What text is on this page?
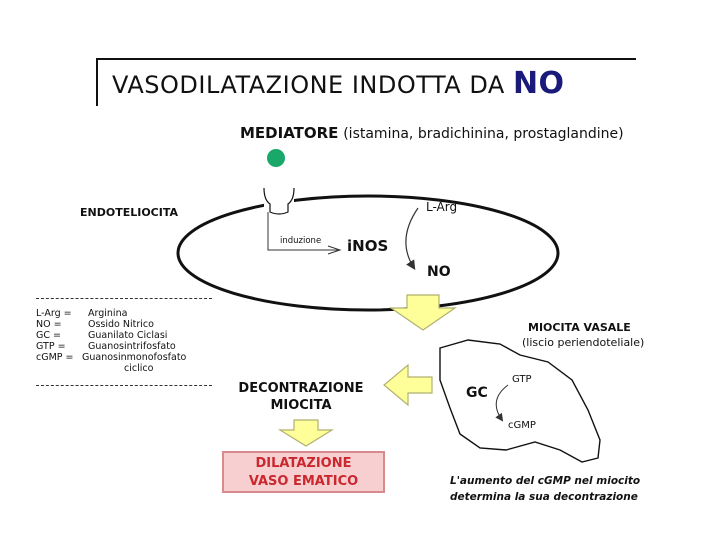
VASODILATAZIONE INDOTTA DA NO
MEDIATORE (istamina, bradichinina, prostaglandine)
ENDOTELIOCITA
induzione iNOS
L-Arg
NO
L-Arg = Arginina
NO =	Ossido Nitrico
GC =	Guanilato Ciclasi
GTP = Guanosintrifosfato
cGMP = Guanosinmonofosfato
ciclico
MIOCITA VASALE
(liscio periendoteliale)
GC
GTP
cGMP
DECONTRAZIONE
MIOCITA
DILATAZIONE
VASO EMATICO	L'aumento del cGMP nel miocito
determina la sua decontrazione
